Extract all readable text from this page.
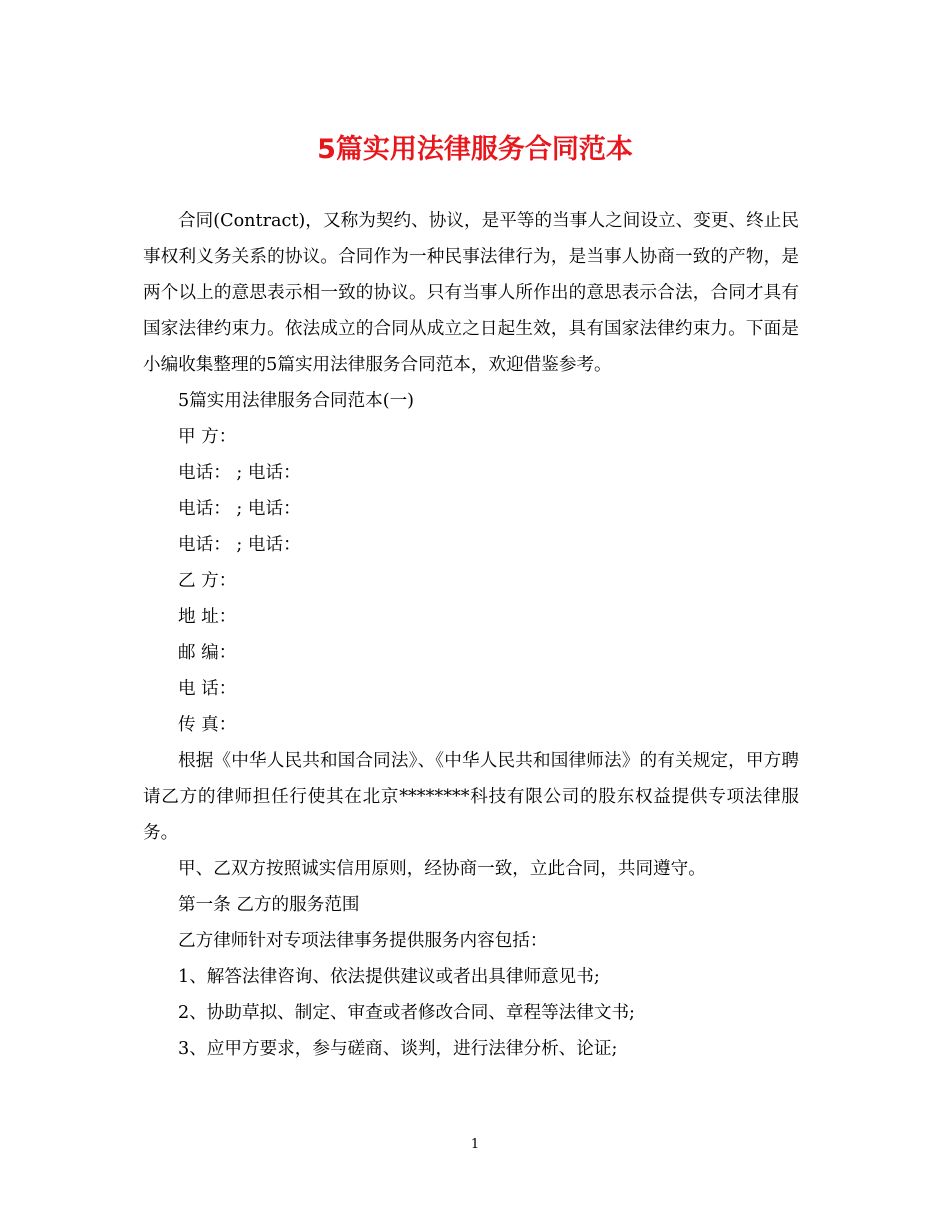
5篇实用法律服务合同范本

合同(Contract)，又称为契约、协议，是平等的当事人之间设立、变更、终止民事权利义务关系的协议。合同作为一种民事法律行为，是当事人协商一致的产物，是两个以上的意思表示相一致的协议。只有当事人所作出的意思表示合法，合同才具有国家法律约束力。依法成立的合同从成立之日起生效，具有国家法律约束力。下面是小编收集整理的5篇实用法律服务合同范本，欢迎借鉴参考。

5篇实用法律服务合同范本(一)

甲 方：

电话： ; 电话：

电话： ; 电话：

电话： ; 电话：

乙 方：

地 址：

邮 编：

电 话：

传 真：

根据《中华人民共和国合同法》、《中华人民共和国律师法》的有关规定，甲方聘请乙方的律师担任行使其在北京********科技有限公司的股东权益提供专项法律服务。

甲、乙双方按照诚实信用原则，经协商一致，立此合同，共同遵守。

第一条 乙方的服务范围

乙方律师针对专项法律事务提供服务内容包括：

1、解答法律咨询、依法提供建议或者出具律师意见书;

2、协助草拟、制定、审查或者修改合同、章程等法律文书;

3、应甲方要求，参与磋商、谈判，进行法律分析、论证;

1
